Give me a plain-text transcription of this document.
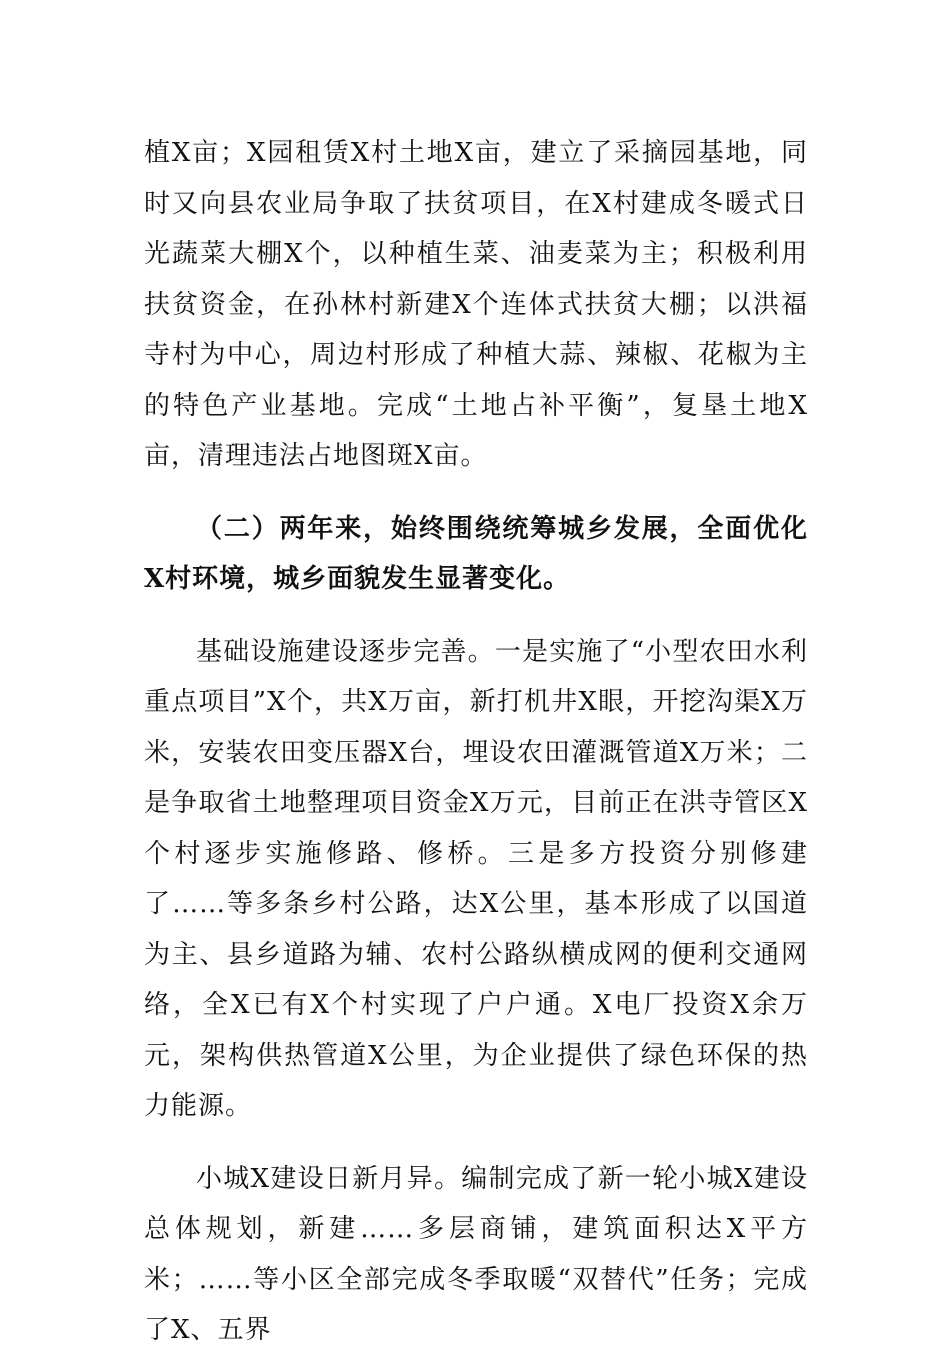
植X亩；X园租赁X村土地X亩，建立了采摘园基地，同时又向县农业局争取了扶贫项目，在X村建成冬暖式日光蔬菜大棚X个，以种植生菜、油麦菜为主；积极利用扶贫资金，在孙林村新建X个连体式扶贫大棚；以洪福寺村为中心，周边村形成了种植大蒜、辣椒、花椒为主的特色产业基地。完成“土地占补平衡”，复垦土地X亩，清理违法占地图斑X亩。

（二）两年来，始终围绕统筹城乡发展，全面优化X村环境，城乡面貌发生显著变化。

基础设施建设逐步完善。一是实施了“小型农田水利重点项目”X个，共X万亩，新打机井X眼，开挖沟渠X万米，安装农田变压器X台，埋设农田灌溉管道X万米；二是争取省土地整理项目资金X万元，目前正在洪寺管区X个村逐步实施修路、修桥。三是多方投资分别修建了……等多条乡村公路，达X公里，基本形成了以国道为主、县乡道路为辅、农村公路纵横成网的便利交通网络，全X已有X个村实现了户户通。X电厂投资X余万元，架构供热管道X公里，为企业提供了绿色环保的热力能源。

小城X建设日新月异。编制完成了新一轮小城X建设总体规划，新建……多层商铺，建筑面积达X平方米；……等小区全部完成冬季取暖“双替代”任务；完成了X、五界
